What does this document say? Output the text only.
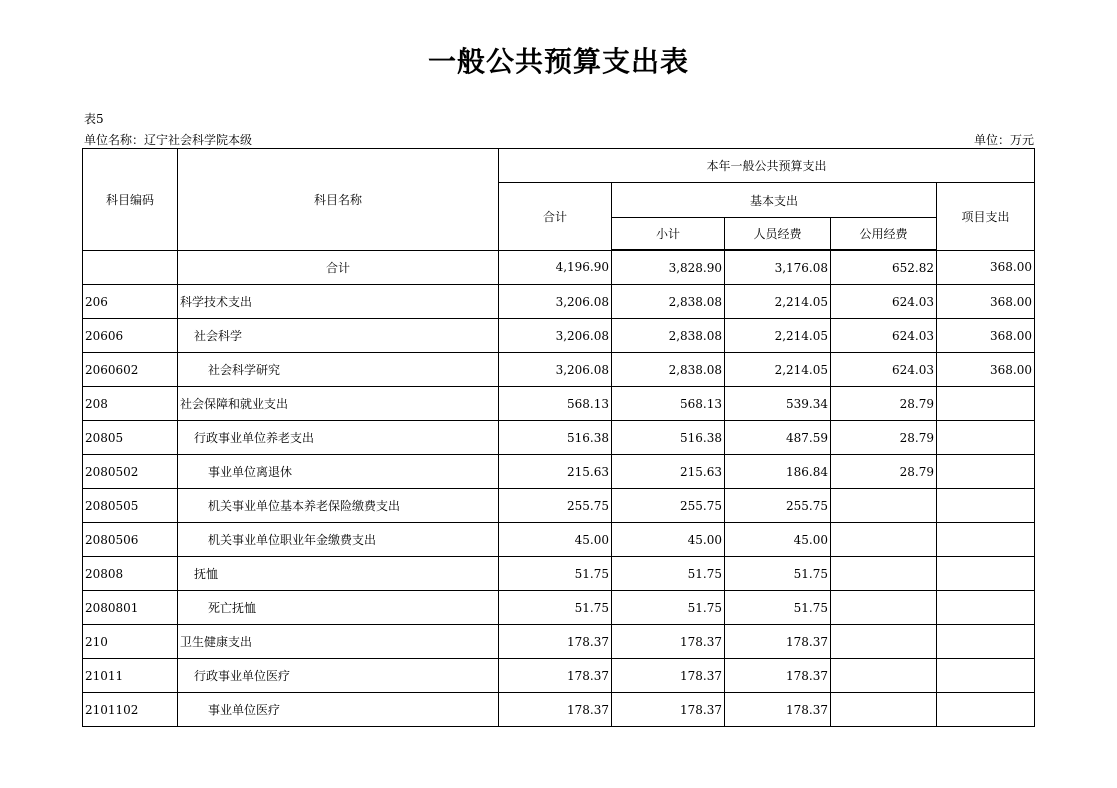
一般公共预算支出表
表5
单位名称：辽宁社会科学院本级	单位：万元
科目编码	科目名称	本年一般公共预算支出				
		合计	基本支出			项目支出
			小计	人员经费	公用经费	
	合计	4,196.90	3,828.90	3,176.08	652.82	368.00
206	科学技术支出	3,206.08	2,838.08	2,214.05	624.03	368.00
20606	社会科学	3,206.08	2,838.08	2,214.05	624.03	368.00
2060602	社会科学研究	3,206.08	2,838.08	2,214.05	624.03	368.00
208	社会保障和就业支出	568.13	568.13	539.34	28.79	
20805	行政事业单位养老支出	516.38	516.38	487.59	28.79	
2080502	事业单位离退休	215.63	215.63	186.84	28.79	
2080505	机关事业单位基本养老保险缴费支出	255.75	255.75	255.75		
2080506	机关事业单位职业年金缴费支出	45.00	45.00	45.00		
20808	抚恤	51.75	51.75	51.75		
2080801	死亡抚恤	51.75	51.75	51.75		
210	卫生健康支出	178.37	178.37	178.37		
21011	行政事业单位医疗	178.37	178.37	178.37		
2101102	事业单位医疗	178.37	178.37	178.37		
